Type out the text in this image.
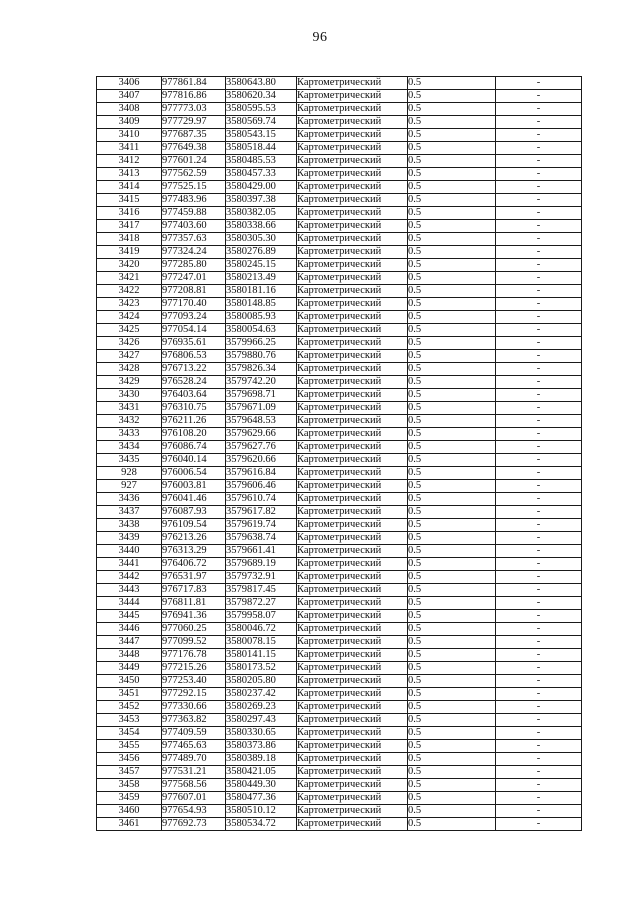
96
3406	977861.84	3580643.80	Картометрический	0.5	-
3407	977816.86	3580620.34	Картометрический	0.5	-
3408	977773.03	3580595.53	Картометрический	0.5	-
3409	977729.97	3580569.74	Картометрический	0.5	-
3410	977687.35	3580543.15	Картометрический	0.5	-
3411	977649.38	3580518.44	Картометрический	0.5	-
3412	977601.24	3580485.53	Картометрический	0.5	-
3413	977562.59	3580457.33	Картометрический	0.5	-
3414	977525.15	3580429.00	Картометрический	0.5	-
3415	977483.96	3580397.38	Картометрический	0.5	-
3416	977459.88	3580382.05	Картометрический	0.5	-
3417	977403.60	3580338.66	Картометрический	0.5	-
3418	977357.63	3580305.30	Картометрический	0.5	-
3419	977324.24	3580276.89	Картометрический	0.5	-
3420	977285.80	3580245.15	Картометрический	0.5	-
3421	977247.01	3580213.49	Картометрический	0.5	-
3422	977208.81	3580181.16	Картометрический	0.5	-
3423	977170.40	3580148.85	Картометрический	0.5	-
3424	977093.24	3580085.93	Картометрический	0.5	-
3425	977054.14	3580054.63	Картометрический	0.5	-
3426	976935.61	3579966.25	Картометрический	0.5	-
3427	976806.53	3579880.76	Картометрический	0.5	-
3428	976713.22	3579826.34	Картометрический	0.5	-
3429	976528.24	3579742.20	Картометрический	0.5	-
3430	976403.64	3579698.71	Картометрический	0.5	-
3431	976310.75	3579671.09	Картометрический	0.5	-
3432	976211.26	3579648.53	Картометрический	0.5	-
3433	976108.20	3579629.66	Картометрический	0.5	-
3434	976086.74	3579627.76	Картометрический	0.5	-
3435	976040.14	3579620.66	Картометрический	0.5	-
928	976006.54	3579616.84	Картометрический	0.5	-
927	976003.81	3579606.46	Картометрический	0.5	-
3436	976041.46	3579610.74	Картометрический	0.5	-
3437	976087.93	3579617.82	Картометрический	0.5	-
3438	976109.54	3579619.74	Картометрический	0.5	-
3439	976213.26	3579638.74	Картометрический	0.5	-
3440	976313.29	3579661.41	Картометрический	0.5	-
3441	976406.72	3579689.19	Картометрический	0.5	-
3442	976531.97	3579732.91	Картометрический	0.5	-
3443	976717.83	3579817.45	Картометрический	0.5	-
3444	976811.81	3579872.27	Картометрический	0.5	-
3445	976941.36	3579958.07	Картометрический	0.5	-
3446	977060.25	3580046.72	Картометрический	0.5	-
3447	977099.52	3580078.15	Картометрический	0.5	-
3448	977176.78	3580141.15	Картометрический	0.5	-
3449	977215.26	3580173.52	Картометрический	0.5	-
3450	977253.40	3580205.80	Картометрический	0.5	-
3451	977292.15	3580237.42	Картометрический	0.5	-
3452	977330.66	3580269.23	Картометрический	0.5	-
3453	977363.82	3580297.43	Картометрический	0.5	-
3454	977409.59	3580330.65	Картометрический	0.5	-
3455	977465.63	3580373.86	Картометрический	0.5	-
3456	977489.70	3580389.18	Картометрический	0.5	-
3457	977531.21	3580421.05	Картометрический	0.5	-
3458	977568.56	3580449.30	Картометрический	0.5	-
3459	977607.01	3580477.36	Картометрический	0.5	-
3460	977654.93	3580510.12	Картометрический	0.5	-
3461	977692.73	3580534.72	Картометрический	0.5	-
